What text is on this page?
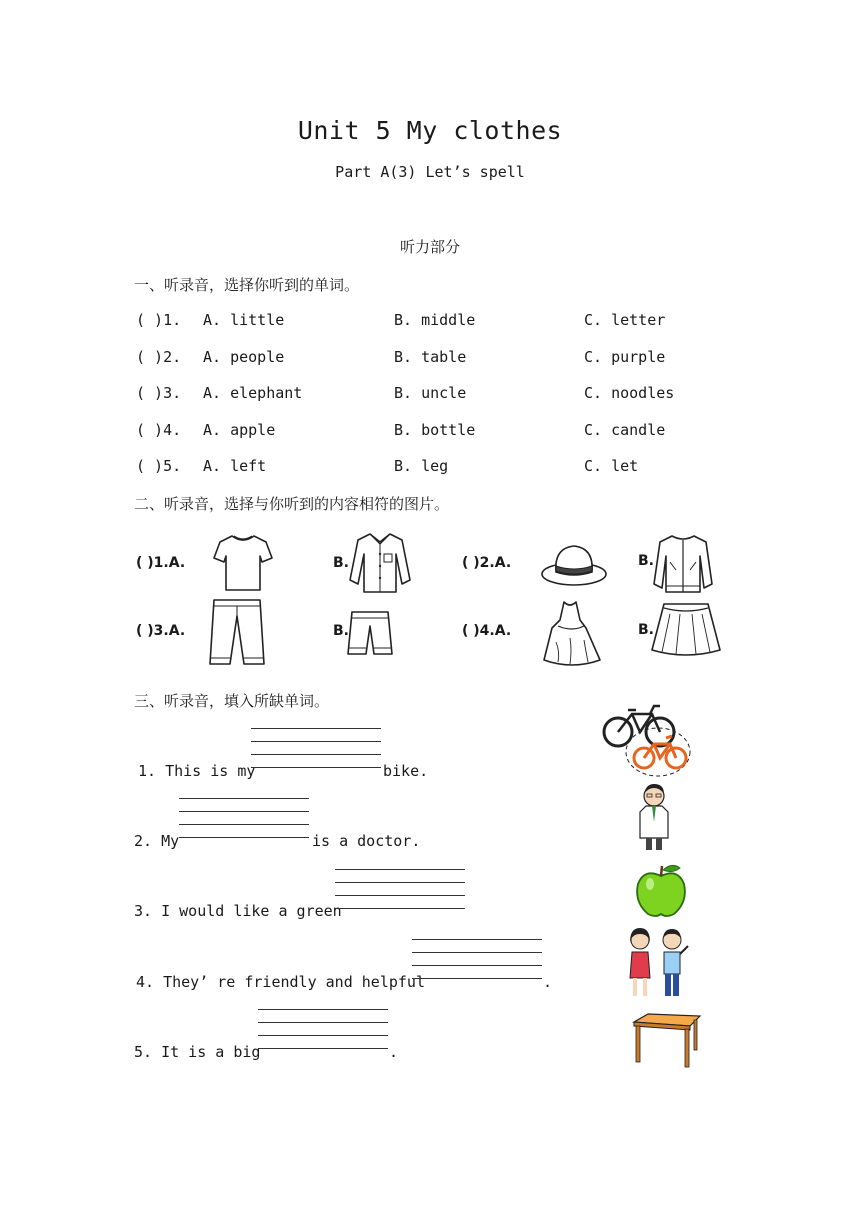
Unit 5 My clothes
Part A(3) Let’s spell
听力部分
一、听录音，选择你听到的单词。
( )1. A. little	B. middle	C. letter
( )2. A. people	B. table	C. purple
( )3. A. elephant	B. uncle	C. noodles
( )4. A. apple	B. bottle	C. candle
( )5. A. left	B. leg	C. let
二、听录音，选择与你听到的内容相符的图片。
( )1.A.	B.	( )2.A.	B.
( )3.A.	B.	( )4.A.	B.
三、听录音，填入所缺单词。
1. This is my	bike.
2. My	is a doctor.
3. I would like a green
4. They’ re friendly and helpful	.
5. It is a big	.
